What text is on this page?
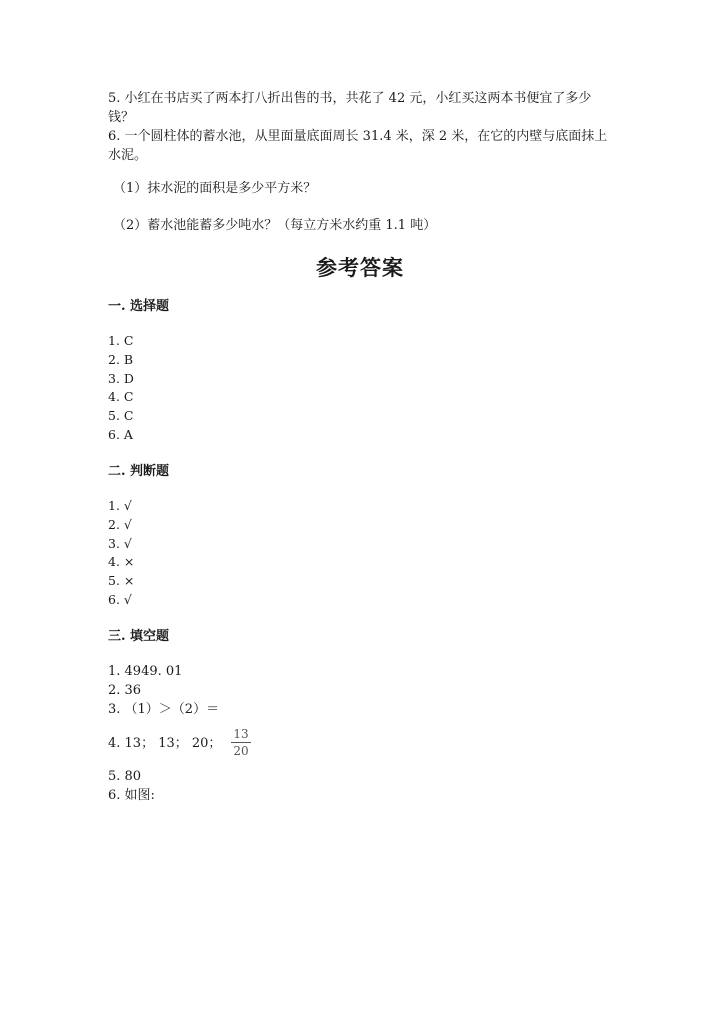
5. 小红在书店买了两本打八折出售的书，共花了 42 元，小红买这两本书便宜了多少钱？
6. 一个圆柱体的蓄水池，从里面量底面周长 31.4 米，深 2 米，在它的内壁与底面抹上水泥。
（1）抹水泥的面积是多少平方米？
（2）蓄水池能蓄多少吨水？（每立方米水约重 1.1 吨）
参考答案
一. 选择题
1. C
2. B
3. D
4. C
5. C
6. A
二. 判断题
1. √
2. √
3. √
4. ×
5. ×
6. √
三. 填空题
1. 4949. 01
2. 36
3. （1）＞（2）＝
4. 13； 13； 20；
13
20
5. 80
6. 如图:
